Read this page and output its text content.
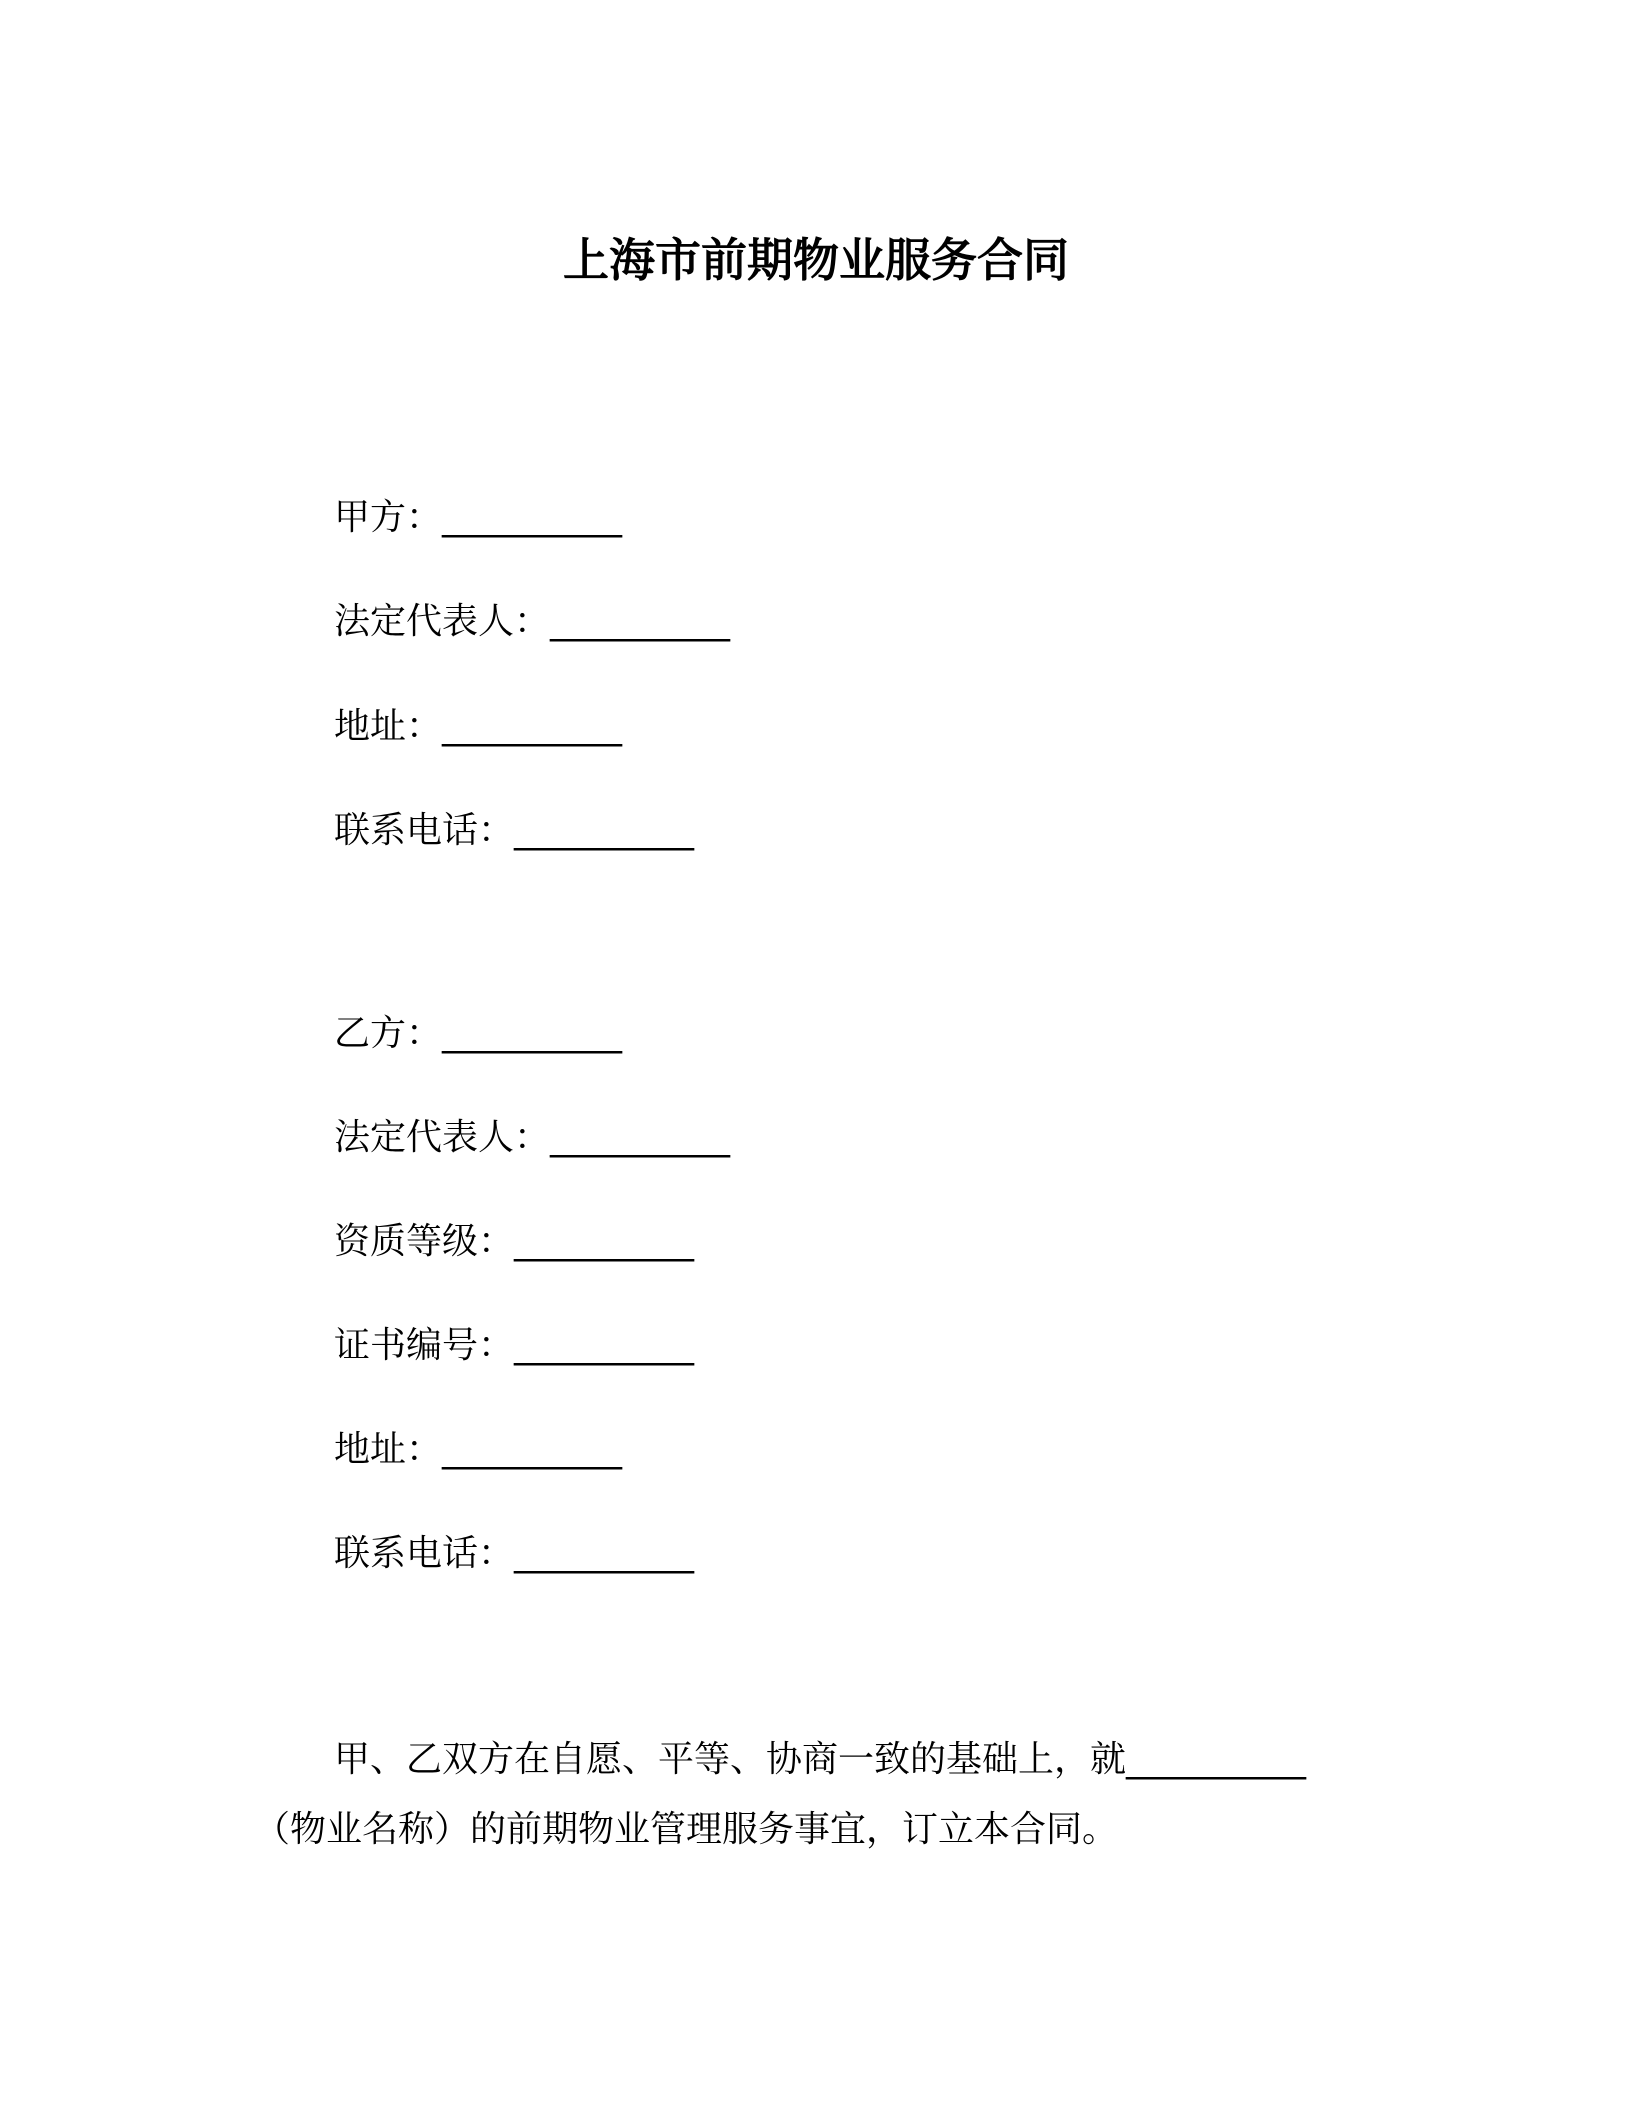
上海市前期物业服务合同
甲方：__________
法定代表人：__________
地址：__________
联系电话：__________
乙方：__________
法定代表人：__________
资质等级：__________
证书编号：__________
地址：__________
联系电话：__________
甲、乙双方在自愿、平等、协商一致的基础上，就__________
（物业名称）的前期物业管理服务事宜，订立本合同。
